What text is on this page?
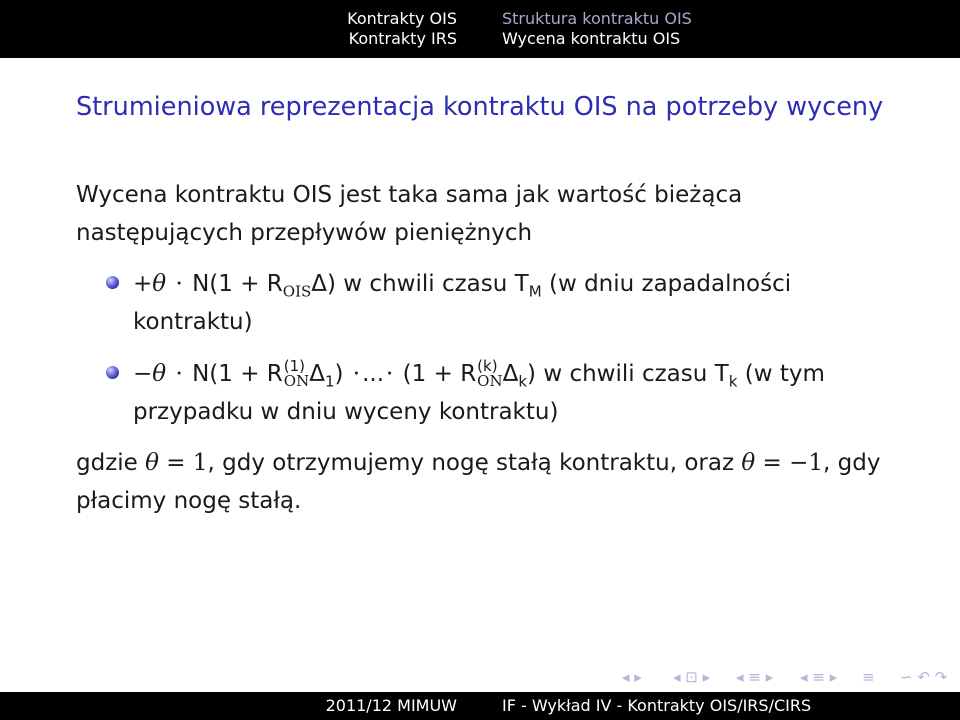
Kontrakty OIS
Kontrakty IRS
Struktura kontraktu OIS
Wycena kontraktu OIS
Strumieniowa reprezentacja kontraktu OIS na potrzeby wyceny
Wycena kontraktu OIS jest taka sama jak wartość bieżąca następujących przepływów pieniężnych
$+\theta \cdot N(1 + R_{OIS}\Delta)$ w chwili czasu $T_M$ (w dniu zapadalności kontraktu)
−θ · N(1 + R (1)
ON $\Delta_1$) ·...· (1 + R (k)
ON $\Delta_k$) w chwili czasu $T_k$ (w tym przypadku w dniu wyceny kontraktu)
gdzie θ = 1, gdy otrzymujemy nogę stałą kontraktu, oraz θ = −1, gdy płacimy nogę stałą.
◂ ▸ ◂ ⊡ ▸ ◂ ≡ ▸ ◂ ≡ ▸ ≡ ∽ ↶ ↷
2011/12 MIMUW	IF - Wykład IV - Kontrakty OIS/IRS/CIRS
